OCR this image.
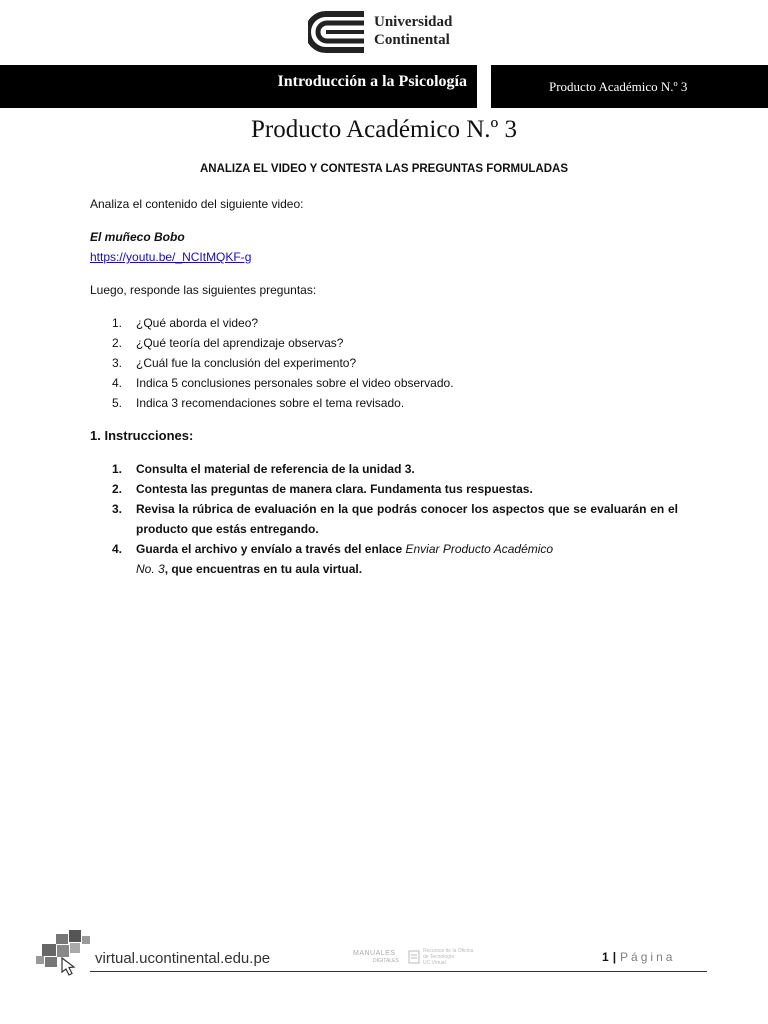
Universidad
Continental
Introducción a la Psicología	Producto Académico N.º 3
Producto Académico N.º 3
ANALIZA EL VIDEO Y CONTESTA LAS PREGUNTAS FORMULADAS
Analiza el contenido del siguiente video:
El muñeco Bobo
https://youtu.be/_NCItMQKF-g
Luego, responde las siguientes preguntas:
1. ¿Qué aborda el video?
2. ¿Qué teoría del aprendizaje observas?
3. ¿Cuál fue la conclusión del experimento?
4. Indica 5 conclusiones personales sobre el video observado.
5. Indica 3 recomendaciones sobre el tema revisado.
1. Instrucciones:
1. Consulta el material de referencia de la unidad 3.
2. Contesta las preguntas de manera clara. Fundamenta tus respuestas.
3. Revisa la rúbrica de evaluación en la que podrás conocer los aspectos que se evaluarán en el producto que estás entregando.
4. Guarda el archivo y envíalo a través del enlace Enviar Producto Académico No. 3, que encuentras en tu aula virtual.
virtual.ucontinental.edu.pe	MANUALES
DIGITALES
Recursos de la Oficina
de Tecnología
UC Virtual	1 | Página
